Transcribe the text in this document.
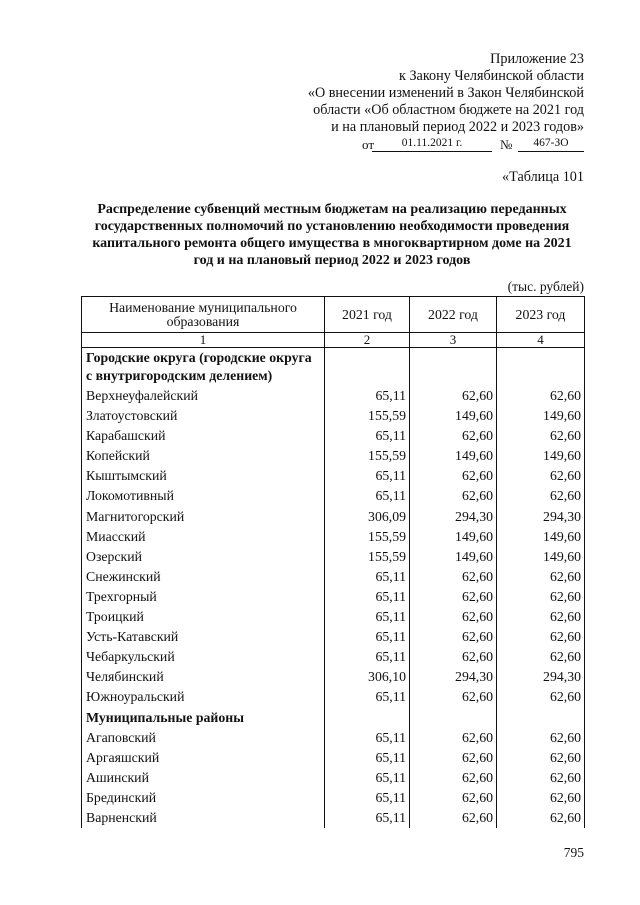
Приложение 23
к Закону Челябинской области
«О внесении изменений в Закон Челябинской
области «Об областном бюджете на 2021 год
и на плановый период 2022 и 2023 годов»
от	01.11.2021 г.	№	467-ЗО
«Таблица 101
Распределение субвенций местным бюджетам на реализацию переданных государственных полномочий по установлению необходимости проведения капитального ремонта общего имущества в многоквартирном доме на 2021 год и на плановый период 2022 и 2023 годов
(тыс. рублей)
Наименование муниципального образования	2021 год	2022 год	2023 год
1	2	3	4
Городские округа (городские округа с внутригородским делением)			
Верхнеуфалейский	65,11	62,60	62,60
Златоустовский	155,59	149,60	149,60
Карабашский	65,11	62,60	62,60
Копейский	155,59	149,60	149,60
Кыштымский	65,11	62,60	62,60
Локомотивный	65,11	62,60	62,60
Магнитогорский	306,09	294,30	294,30
Миасский	155,59	149,60	149,60
Озерский	155,59	149,60	149,60
Снежинский	65,11	62,60	62,60
Трехгорный	65,11	62,60	62,60
Троицкий	65,11	62,60	62,60
Усть-Катавский	65,11	62,60	62,60
Чебаркульский	65,11	62,60	62,60
Челябинский	306,10	294,30	294,30
Южноуральский	65,11	62,60	62,60
Муниципальные районы			
Агаповский	65,11	62,60	62,60
Аргаяшский	65,11	62,60	62,60
Ашинский	65,11	62,60	62,60
Брединский	65,11	62,60	62,60
Варненский	65,11	62,60	62,60
795
